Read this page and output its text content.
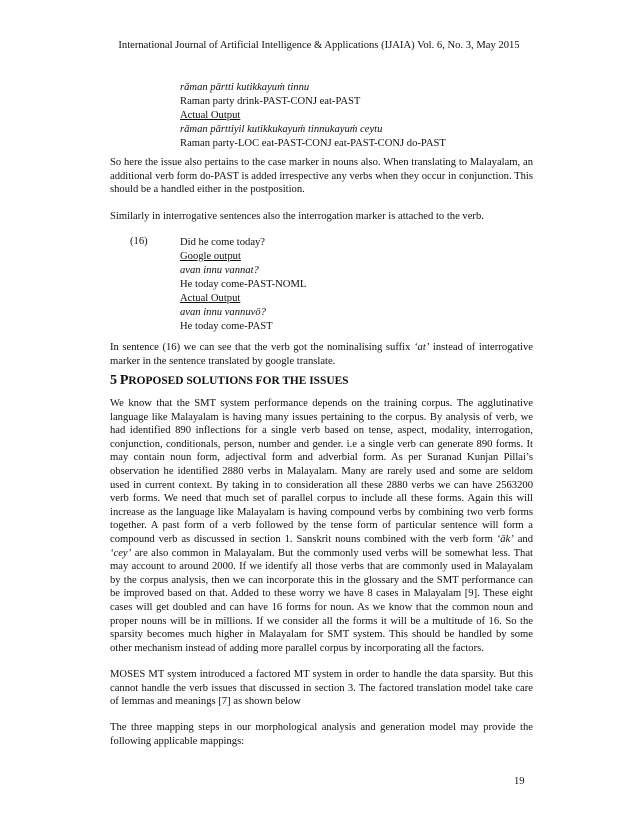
International Journal of Artificial Intelligence & Applications (IJAIA) Vol. 6, No. 3, May 2015
rāman pārtti kutikkayuṁ tinnu
Raman party drink-PAST-CONJ eat-PAST
Actual Output
rāman pārttiyil kutikkukayuṁ tinnukayuṁ ceytu
Raman party-LOC eat-PAST-CONJ eat-PAST-CONJ do-PAST
So here the issue also pertains to the case marker in nouns also. When translating to Malayalam, an additional verb form do-PAST is added irrespective any verbs when they occur in conjunction. This should be a handled either in the postposition.
Similarly in interrogative sentences also the interrogation marker is attached to the verb.
(16)	Did he come today?
Google output
avan innu vannat?
He today come-PAST-NOML
Actual Output
avan innu vannuvō?
He today come-PAST
In sentence (16) we can see that the verb got the nominalising suffix ‘at’ instead of interrogative marker in the sentence translated by google translate.
5 PROPOSED SOLUTIONS FOR THE ISSUES
We know that the SMT system performance depends on the training corpus. The agglutinative language like Malayalam is having many issues pertaining to the corpus. By analysis of verb, we had identified 890 inflections for a single verb based on tense, aspect, modality, interrogation, conjunction, conditionals, person, number and gender. i.e a single verb can generate 890 forms. It may contain noun form, adjectival form and adverbial form. As per Suranad Kunjan Pillai’s observation he identified 2880 verbs in Malayalam. Many are rarely used and some are seldom used in current context. By taking in to consideration all these 2880 verbs we can have 2563200 verb forms. We need that much set of parallel corpus to include all these forms. Again this will increase as the language like Malayalam is having compound verbs by combining two verb forms together. A past form of a verb followed by the tense form of particular sentence will form a compound verb as discussed in section 1. Sanskrit nouns combined with the verb form ‘āk’ and ‘cey’ are also common in Malayalam. But the commonly used verbs will be somewhat less. That may account to around 2000. If we identify all those verbs that are commonly used in Malayalam by the corpus analysis, then we can incorporate this in the glossary and the SMT performance can be improved based on that. Added to these worry we have 8 cases in Malayalam [9]. These eight cases will get doubled and can have 16 forms for noun. As we know that the common noun and proper nouns will be in millions. If we consider all the forms it will be a multitude of 16. So the sparsity becomes much higher in Malayalam for SMT system. This should be handled by some other mechanism instead of adding more parallel corpus by incorporating all the factors.
MOSES MT system introduced a factored MT system in order to handle the data sparsity. But this cannot handle the verb issues that discussed in section 3. The factored translation model take care of lemmas and meanings [7] as shown below
The three mapping steps in our morphological analysis and generation model may provide the following applicable mappings:
19
